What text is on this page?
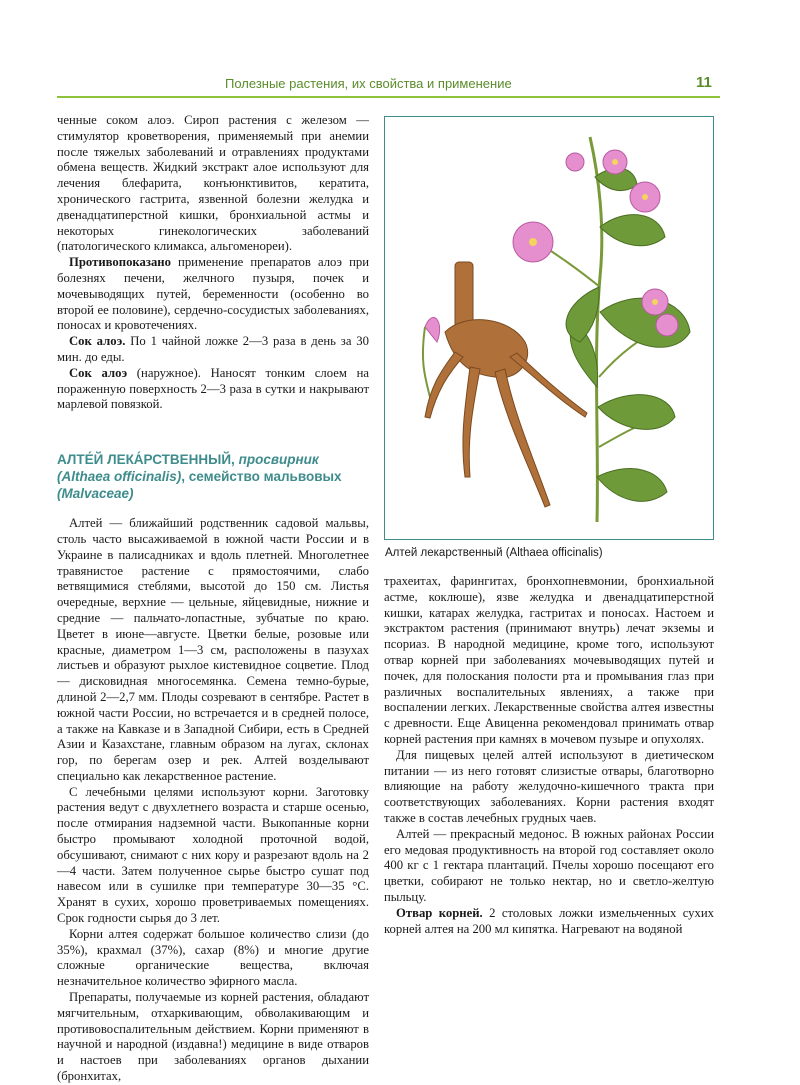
Полезные растения, их свойства и применение	11

ченные соком алоэ. Сироп растения с железом — стимулятор кроветворения, применяемый при анемии после тяжелых заболеваний и отравлениях продуктами обмена веществ. Жидкий экстракт алое используют для лечения блефарита, конъюнктивитов, кератита, хронического гастрита, язвенной болезни желудка и двенадцатиперстной кишки, бронхиальной астмы и некоторых гинекологических заболеваний (патологического климакса, альгоменореи).

Противопоказано применение препаратов алоэ при болезнях печени, желчного пузыря, почек и мочевыводящих путей, беременности (особенно во второй ее половине), сердечно-сосудистых заболеваниях, поносах и кровотечениях.

Сок алоэ. По 1 чайной ложке 2—3 раза в день за 30 мин. до еды.

Сок алоэ (наружное). Наносят тонким слоем на пораженную поверхность 2—3 раза в сутки и накрывают марлевой повязкой.

АЛТЕ́Й ЛЕКА́РСТВЕННЫЙ, просвирник
(Althaea officinalis), семейство мальвовых
(Malvaceae)

Алтей — ближайший родственник садовой мальвы, столь часто высаживаемой в южной части России и в Украине в палисадниках и вдоль плетней. Многолетнее травянистое растение с прямостоячими, слабо ветвящимися стеблями, высотой до 150 см. Листья очередные, верхние — цельные, яйцевидные, нижние и средние — пальчато-лопастные, зубчатые по краю. Цветет в июне—августе. Цветки белые, розовые или красные, диаметром 1—3 см, расположены в пазухах листьев и образуют рыхлое кистевидное соцветие. Плод — дисковидная многосемянка. Семена темно-бурые, длиной 2—2,7 мм. Плоды созревают в сентябре. Растет в южной части России, но встречается и в средней полосе, а также на Кавказе и в Западной Сибири, есть в Средней Азии и Казахстане, главным образом на лугах, склонах гор, по берегам озер и рек. Алтей возделывают специально как лекарственное растение.

С лечебными целями используют корни. Заготовку растения ведут с двухлетнего возраста и старше осенью, после отмирания надземной части. Выкопанные корни быстро промывают холодной проточной водой, обсушивают, снимают с них кору и разрезают вдоль на 2—4 части. Затем полученное сырье быстро сушат под навесом или в сушилке при температуре 30—35 °С. Хранят в сухих, хорошо проветриваемых помещениях. Срок годности сырья до 3 лет.

Корни алтея содержат большое количество слизи (до 35%), крахмал (37%), сахар (8%) и многие другие сложные органические вещества, включая незначительное количество эфирного масла.

Препараты, получаемые из корней растения, обладают мягчительным, отхаркивающим, обволакивающим и противовоспалительным действием. Корни применяют в научной и народной (издавна!) медицине в виде отваров и настоев при заболеваниях органов дыхании (бронхитах,

Алтей лекарственный (Althaea officinalis)

трахеитах, фарингитах, бронхопневмонии, бронхиальной астме, коклюше), язве желудка и двенадцатиперстной кишки, катарах желудка, гастритах и поносах. Настоем и экстрактом растения (принимают внутрь) лечат экземы и псориаз. В народной медицине, кроме того, используют отвар корней при заболеваниях мочевыводящих путей и почек, для полоскания полости рта и промывания глаз при различных воспалительных явлениях, а также при воспалении легких. Лекарственные свойства алтея известны с древности. Еще Авиценна рекомендовал принимать отвар корней растения при камнях в мочевом пузыре и опухолях.

Для пищевых целей алтей используют в диетическом питании — из него готовят слизистые отвары, благотворно влияющие на работу желудочно-кишечного тракта при соответствующих заболеваниях. Корни растения входят также в состав лечебных грудных чаев.

Алтей — прекрасный медонос. В южных районах России его медовая продуктивность на второй год составляет около 400 кг с 1 гектара плантаций. Пчелы хорошо посещают его цветки, собирают не только нектар, но и светло-желтую пыльцу.

Отвар корней. 2 столовых ложки измельченных сухих корней алтея на 200 мл кипятка. Нагревают на водяной
